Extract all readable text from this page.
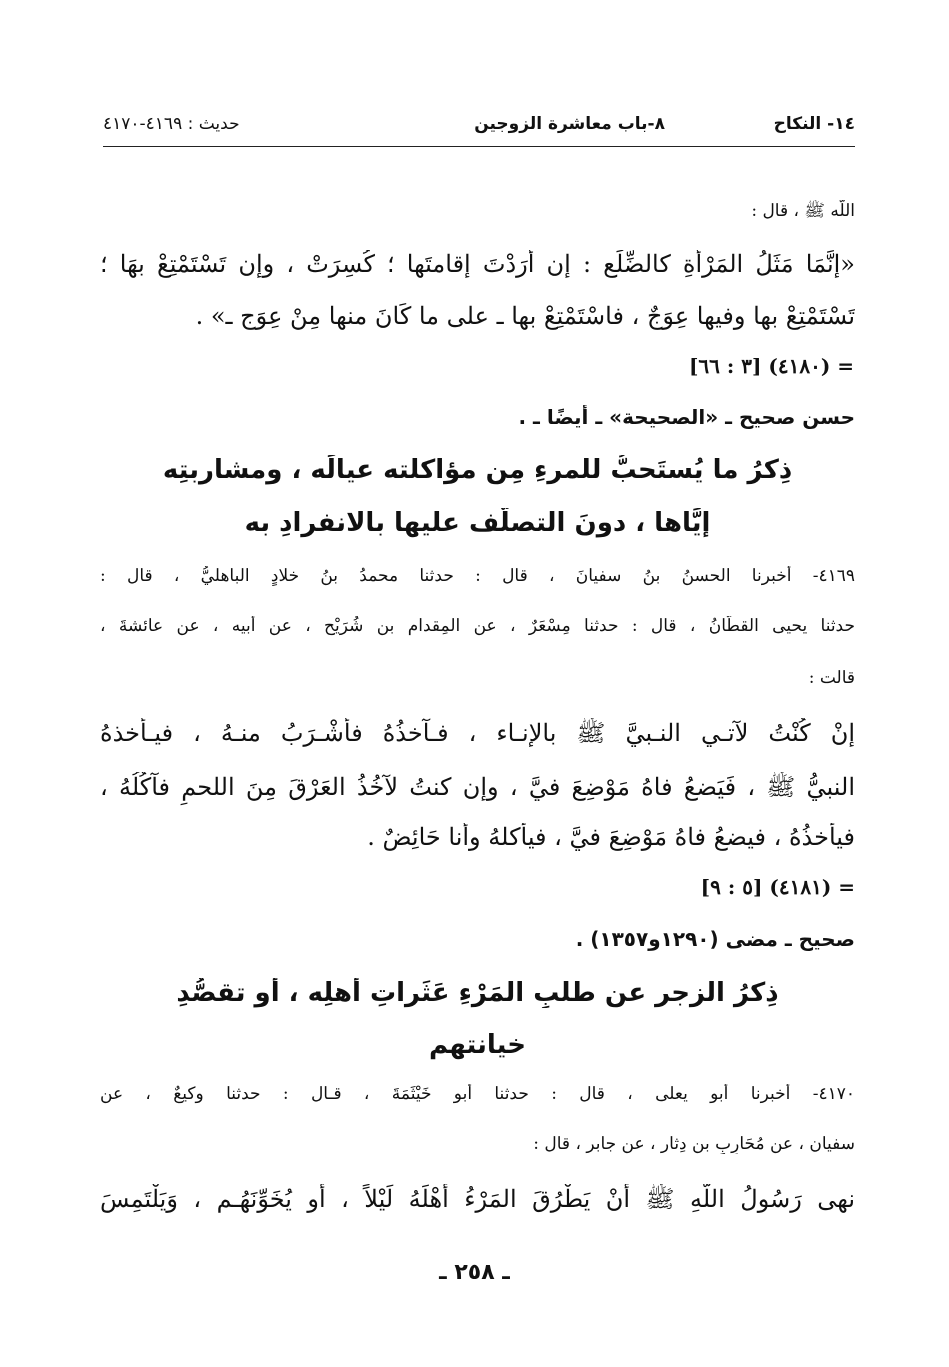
١٤- النكاح
٨-باب معاشرة الزوجين
حديث : ٤١٦٩-٤١٧٠
اللّه ﷺ ، قال :
«إنَّمَا مَثَلُ المَرْأةِ كالضِّلَعِ : إن أَرَدْتَ إقامتَها ؛ كُسِرَتْ ، وإن تَسْتَمْتِعْ بهَا ؛
تَسْتَمْتِعْ بها وفيها عِوَجٌ ، فاسْتَمْتِعْ بها ـ على ما كَانَ منها مِنْ عِوَجٍ ـ» .
= (٤١٨٠) [٣ : ٦٦]
حسن صحيح ـ «الصحيحة» ـ أيضًا ـ .
ذِكرُ ما يُستَحبُّ للمرءِ مِن مؤاكلته عيالَه ، ومشاربتِه
إيَّاها ، دونَ التصلُّف عليها بالانفرادِ به
٤١٦٩- أخبرنا الحسنُ بنُ سفيانَ ، قال : حدثنا محمدُ بنُ خلادٍ الباهليُّ ، قال :
حدثنا يحيى القطَّانُ ، قال : حدثنا مِسْعَرٌ ، عن المِقدامِ بن شُرَيْحٍ ، عن أبيه ، عن عائشةَ ،
قالت :
إنْ كُنْتُ لآتـي النـبيَّ ﷺ بالإنـاء ، فـآخذُهُ فأَشْـرَبُ منـهُ ، فيـأخذهُ
النبيُّ ﷺ ، فَيَضعُ فاهُ مَوْضِعَ فيَّ ، وإن كنتُ لآخُذُ العَرْقَ مِنَ اللحمِ فآكُلُهُ ،
فيأخذُهُ ، فيضعُ فاهُ مَوْضِعَ فيَّ ، فيأكلهُ وأنا حَائِضٌ .
= (٤١٨١) [٥ : ٩]
صحيح ـ مضى (١٢٩٠و١٣٥٧) .
ذِكرُ الزجرِ عن طلبِ المَرْءِ عَثَراتِ أهلِه ، أو تقصُّدِ
خيانتهم
٤١٧٠- أخبرنا أبو يعلى ، قال : حدثنا أبو خَيْثَمَةَ ، قـال : حدثنا وكيعٌ ، عن
سفيان ، عن مُحَارِبِ بن دِثار ، عن جابر ، قال :
نهى رَسُولُ اللّهِ ﷺ أنْ يَطْرُقَ المَرْءُ أَهْلَهُ لَيْلاً ، أو يُخَوِّنَهُـم ، وَيَلْتَمِسَ
ـ ٢٥٨ ـ
